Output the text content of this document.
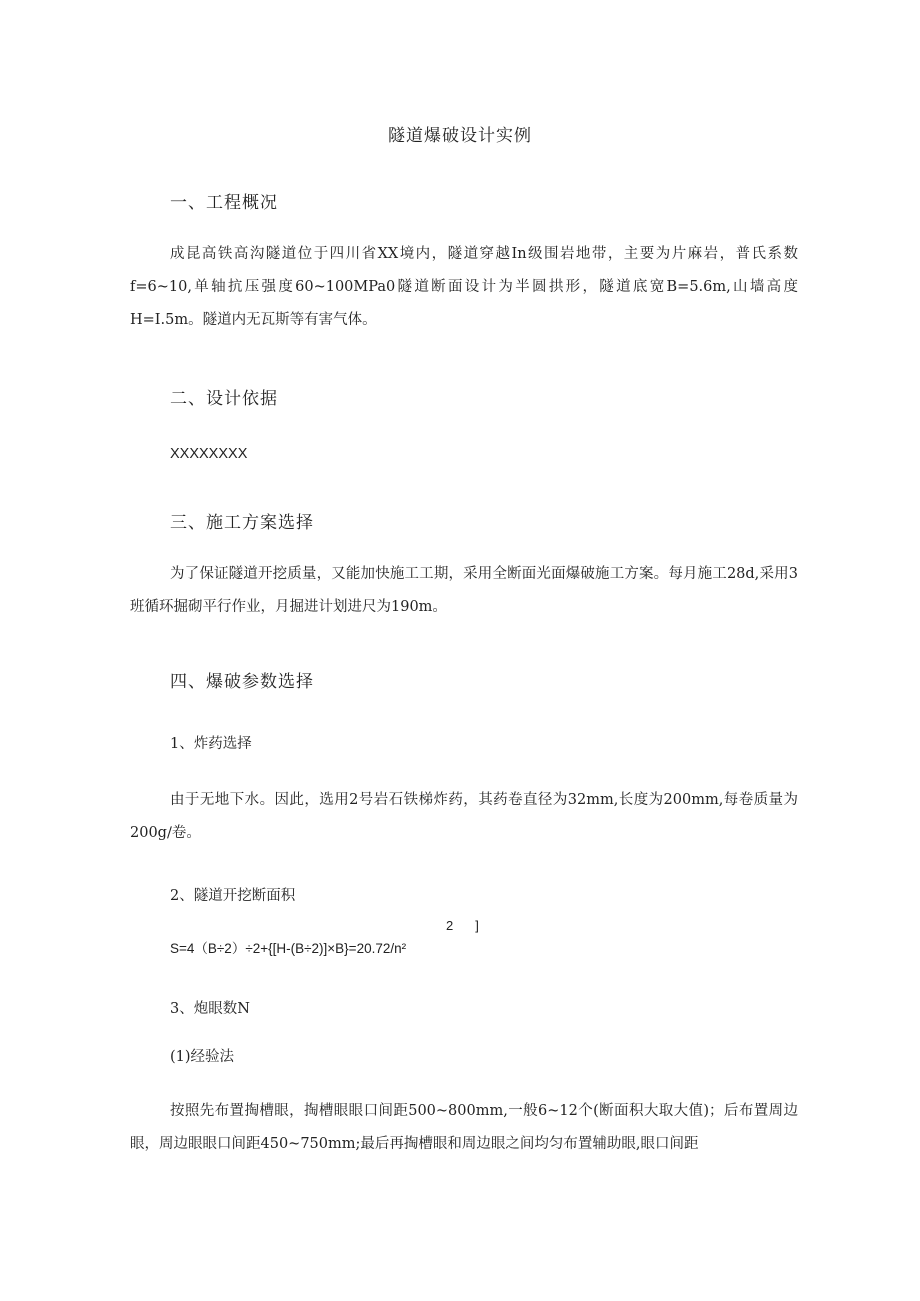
隧道爆破设计实例
一、工程概况

成昆高铁高沟隧道位于四川省XX境内，隧道穿越In级围岩地带，主要为片麻岩，普氏系数f=6~10,单轴抗压强度60~100MPa0隧道断面设计为半圆拱形，隧道底宽B=5.6m,山墙高度H=I.5m。隧道内无瓦斯等有害气体。

二、设计依据
XXXXXXXX
三、施工方案选择

为了保证隧道开挖质量，又能加快施工工期，采用全断面光面爆破施工方案。每月施工28d,采用3班循环掘砌平行作业，月掘进计划进尺为190m。

四、爆破参数选择
1、炸药选择

由于无地下水。因此，选用2号岩石铁梯炸药，其药卷直径为32mm,长度为200mm,每卷质量为200g∕卷。

2、隧道开挖断面积
2 ]
S=4（B÷2）÷2+{[H-(B÷2)]×B}=20.72/n²
3、炮眼数N
(1)经验法

按照先布置掏槽眼，掏槽眼眼口间距500~800mm,一般6~12个(断面积大取大值)；后布置周边眼，周边眼眼口间距450~750mm;最后再掏槽眼和周边眼之间均匀布置辅助眼,眼口间距
